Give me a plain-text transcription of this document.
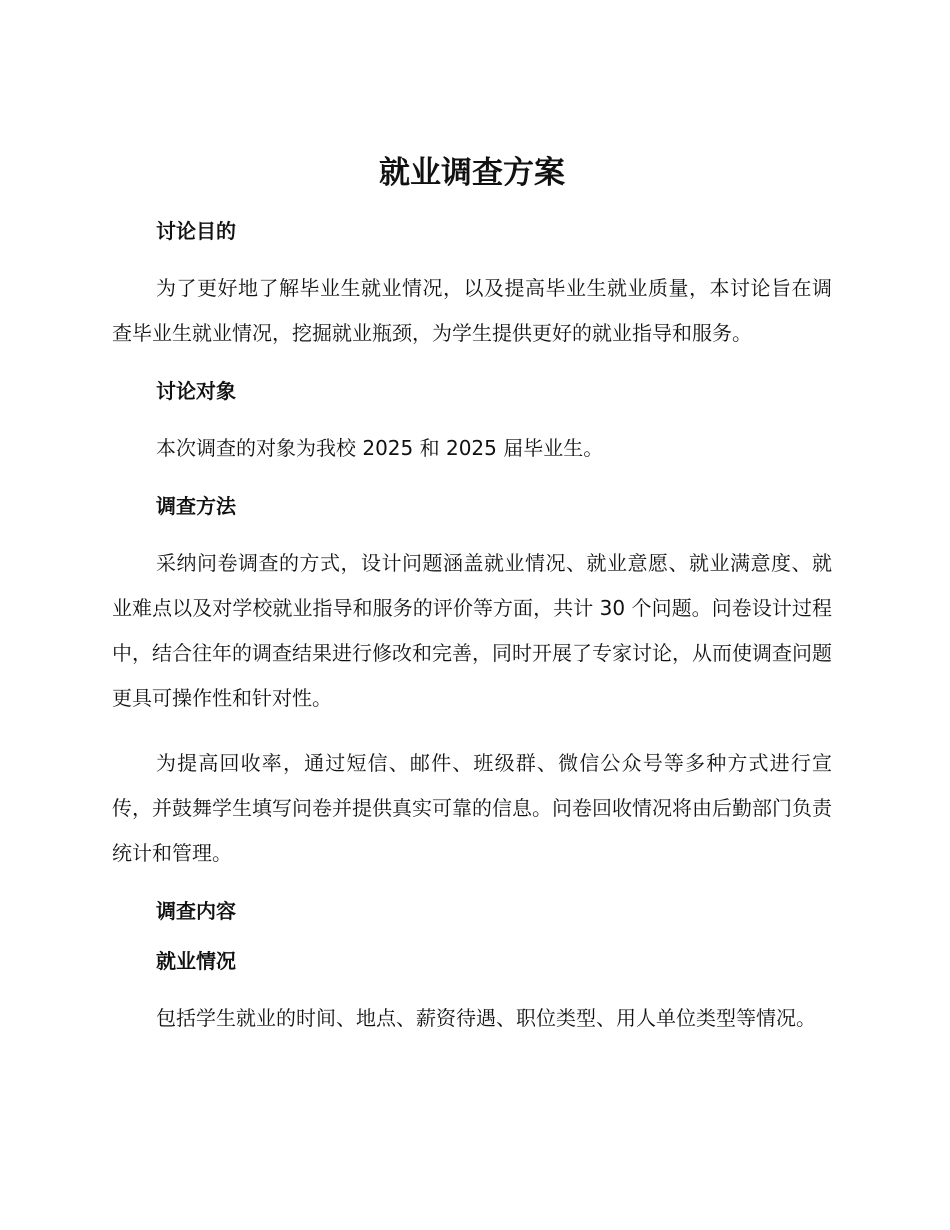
就业调查方案
讨论目的

为了更好地了解毕业生就业情况，以及提高毕业生就业质量，本讨论旨在调查毕业生就业情况，挖掘就业瓶颈，为学生提供更好的就业指导和服务。

讨论对象

本次调查的对象为我校 2025 和 2025 届毕业生。

调查方法

采纳问卷调查的方式，设计问题涵盖就业情况、就业意愿、就业满意度、就业难点以及对学校就业指导和服务的评价等方面，共计 30 个问题。问卷设计过程中，结合往年的调查结果进行修改和完善，同时开展了专家讨论，从而使调查问题更具可操作性和针对性。

为提高回收率，通过短信、邮件、班级群、微信公众号等多种方式进行宣传，并鼓舞学生填写问卷并提供真实可靠的信息。问卷回收情况将由后勤部门负责统计和管理。

调查内容
就业情况

包括学生就业的时间、地点、薪资待遇、职位类型、用人单位类型等情况。
